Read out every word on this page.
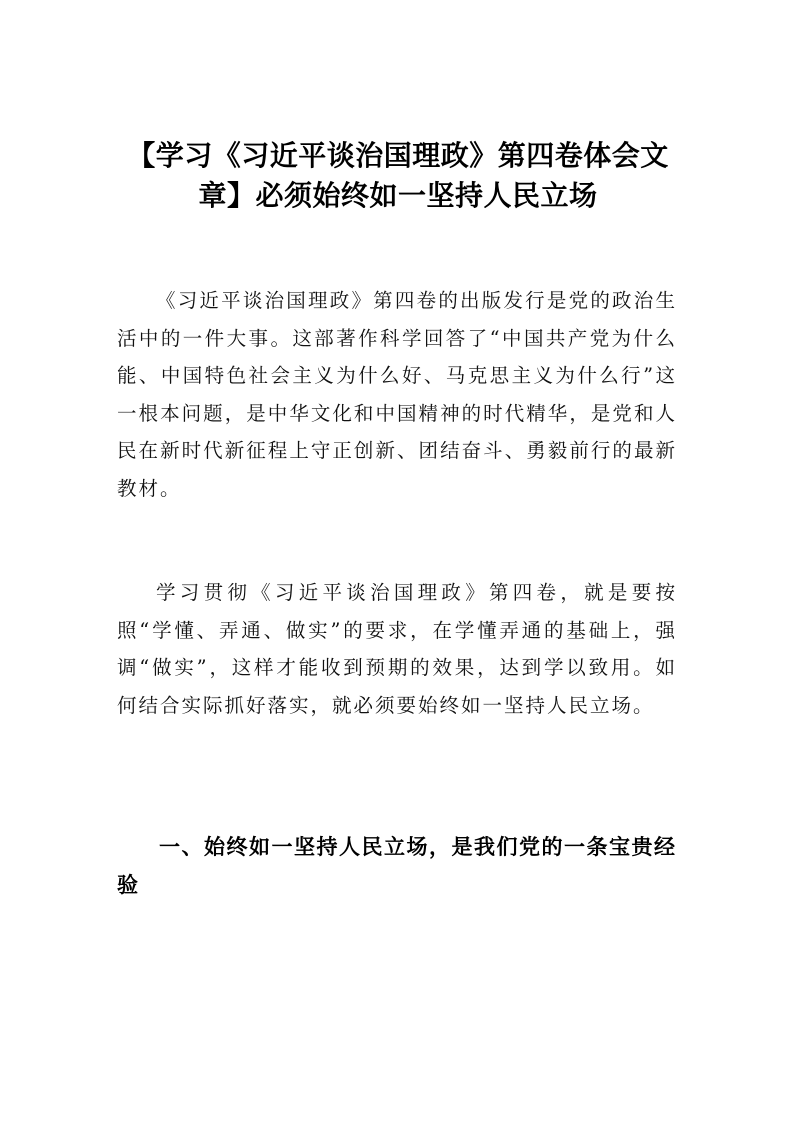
【学习《习近平谈治国理政》第四卷体会文章】必须始终如一坚持人民立场

《习近平谈治国理政》第四卷的出版发行是党的政治生活中的一件大事。这部著作科学回答了“中国共产党为什么能、中国特色社会主义为什么好、马克思主义为什么行”这一根本问题，是中华文化和中国精神的时代精华，是党和人民在新时代新征程上守正创新、团结奋斗、勇毅前行的最新教材。

学习贯彻《习近平谈治国理政》第四卷，就是要按照“学懂、弄通、做实”的要求，在学懂弄通的基础上，强调“做实”，这样才能收到预期的效果，达到学以致用。如何结合实际抓好落实，就必须要始终如一坚持人民立场。

一、始终如一坚持人民立场，是我们党的一条宝贵经验
